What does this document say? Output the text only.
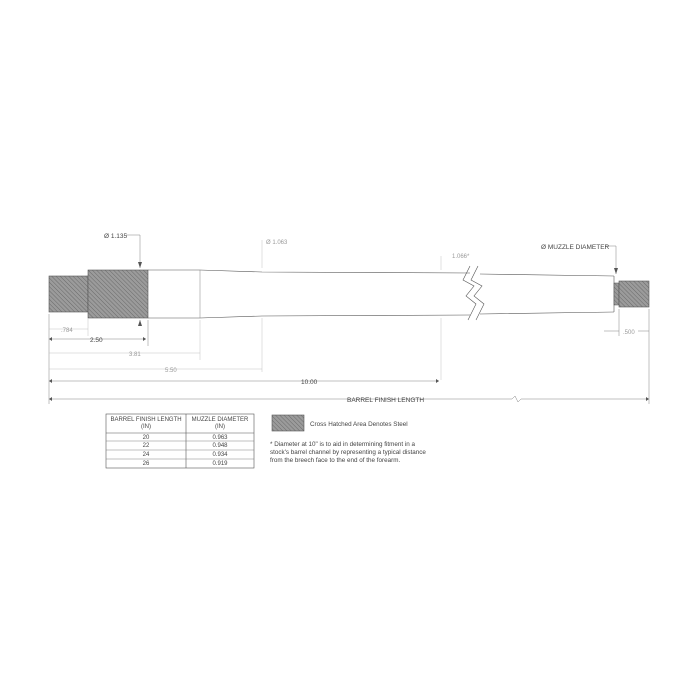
Ø 1.135
Ø 1.063
1.066*
Ø MUZZLE DIAMETER
.784
2.50
3.81
5.50
10.00
.500
BARREL FINISH LENGTH
BARREL FINISH LENGTH (IN)
MUZZLE DIAMETER (IN)
20	0.963
22	0.948
24	0.934
26	0.919
Cross Hatched Area Denotes Steel
* Diameter at 10" is to aid in determining fitment in a
stock's barrel channel by representing a typical distance
from the breech face to the end of the forearm.
